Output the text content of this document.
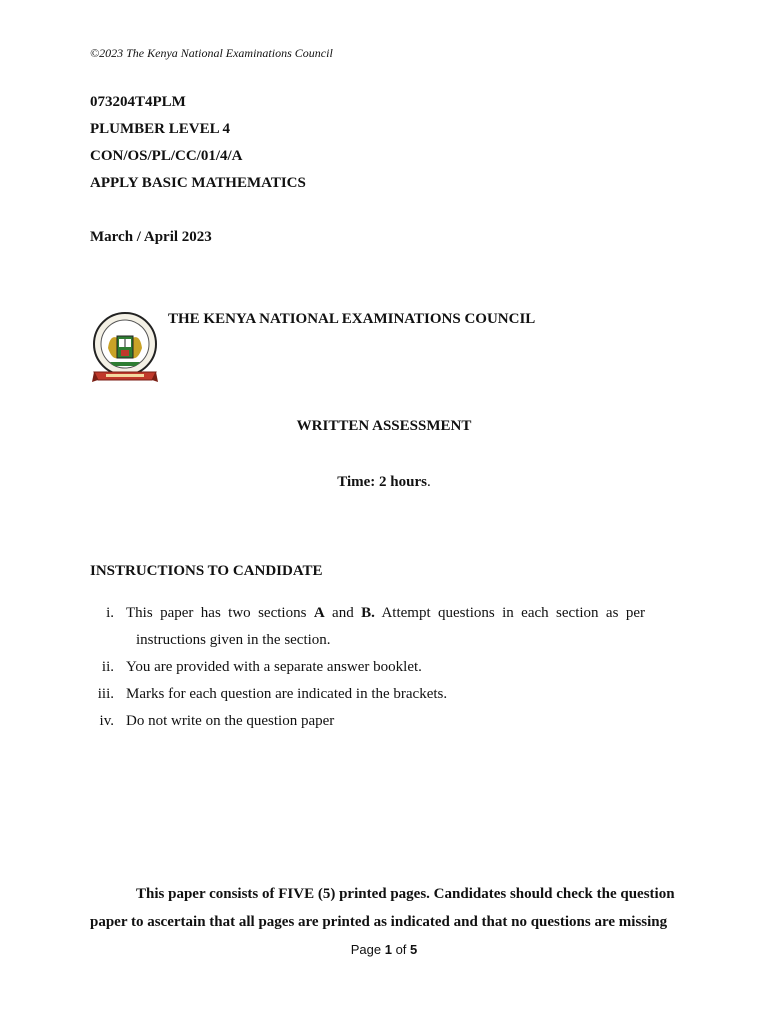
©2023 The Kenya National Examinations Council
073204T4PLM
PLUMBER LEVEL 4
CON/OS/PL/CC/01/4/A
APPLY BASIC MATHEMATICS
March / April 2023
THE KENYA NATIONAL EXAMINATIONS COUNCIL
WRITTEN ASSESSMENT
Time: 2 hours.
INSTRUCTIONS TO CANDIDATE
i. This paper has two sections A and B. Attempt questions in each section as per
instructions given in the section.
ii. You are provided with a separate answer booklet.
iii. Marks for each question are indicated in the brackets.
iv. Do not write on the question paper
This paper consists of FIVE (5) printed pages. Candidates should check the question
paper to ascertain that all pages are printed as indicated and that no questions are missing
Page 1 of 5
